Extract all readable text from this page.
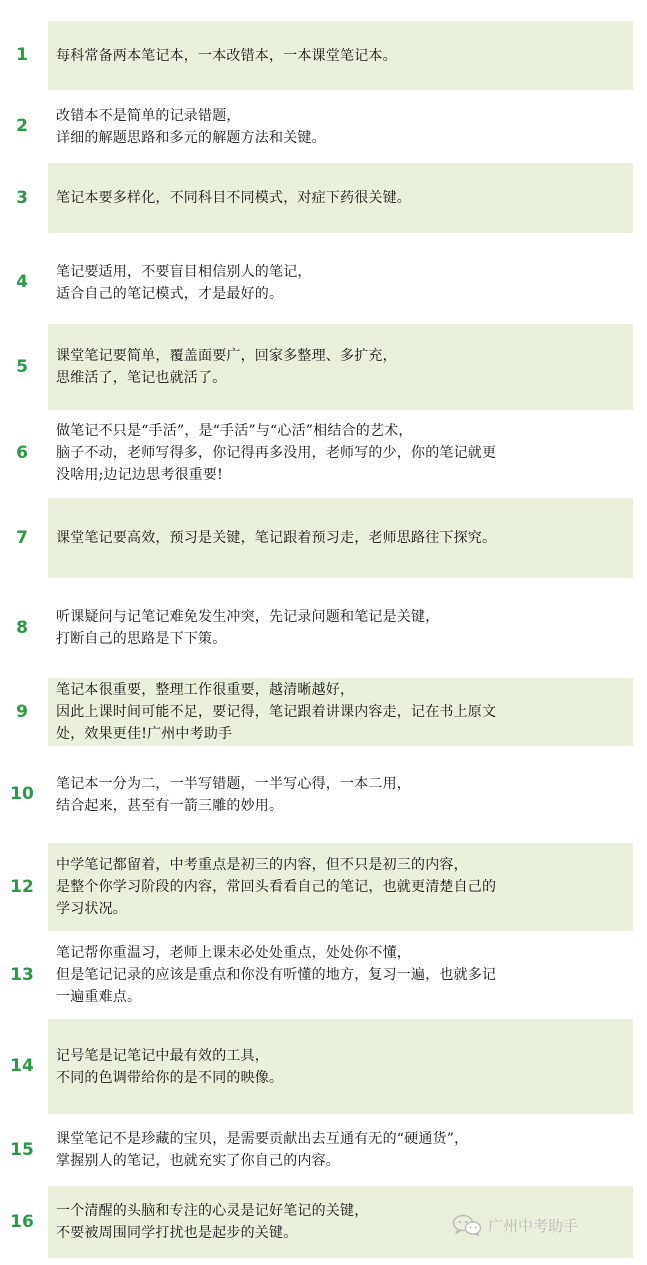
1	每科常备两本笔记本，一本改错本，一本课堂笔记本。
2
改错本不是简单的记录错题，
详细的解题思路和多元的解题方法和关键。
3	笔记本要多样化，不同科目不同模式，对症下药很关键。
4
笔记要适用，不要盲目相信别人的笔记，
适合自己的笔记模式，才是最好的。
5
课堂笔记要简单，覆盖面要广，回家多整理、多扩充，
思维活了，笔记也就活了。
6
做笔记不只是“手活”，是“手活”与“心活”相结合的艺术，
脑子不动，老师写得多，你记得再多没用，老师写的少，你的笔记就更
没啥用;边记边思考很重要!
7	课堂笔记要高效，预习是关键，笔记跟着预习走，老师思路往下探究。
8
听课疑问与记笔记难免发生冲突，先记录问题和笔记是关键，
打断自己的思路是下下策。
9
笔记本很重要，整理工作很重要，越清晰越好，
因此上课时间可能不足，要记得，笔记跟着讲课内容走，记在书上原文
处，效果更佳!广州中考助手
10
笔记本一分为二，一半写错题，一半写心得，一本二用，
结合起来，甚至有一箭三雕的妙用。
12
中学笔记都留着，中考重点是初三的内容，但不只是初三的内容，
是整个你学习阶段的内容，常回头看看自己的笔记，也就更清楚自己的
学习状况。
13
笔记帮你重温习，老师上课未必处处重点，处处你不懂，
但是笔记记录的应该是重点和你没有听懂的地方，复习一遍，也就多记
一遍重难点。
14
记号笔是记笔记中最有效的工具，
不同的色调带给你的是不同的映像。
15
课堂笔记不是珍藏的宝贝，是需要贡献出去互通有无的“硬通货”，
掌握别人的笔记，也就充实了你自己的内容。
16
一个清醒的头脑和专注的心灵是记好笔记的关键，
不要被周围同学打扰也是起步的关键。	广州中考助手
